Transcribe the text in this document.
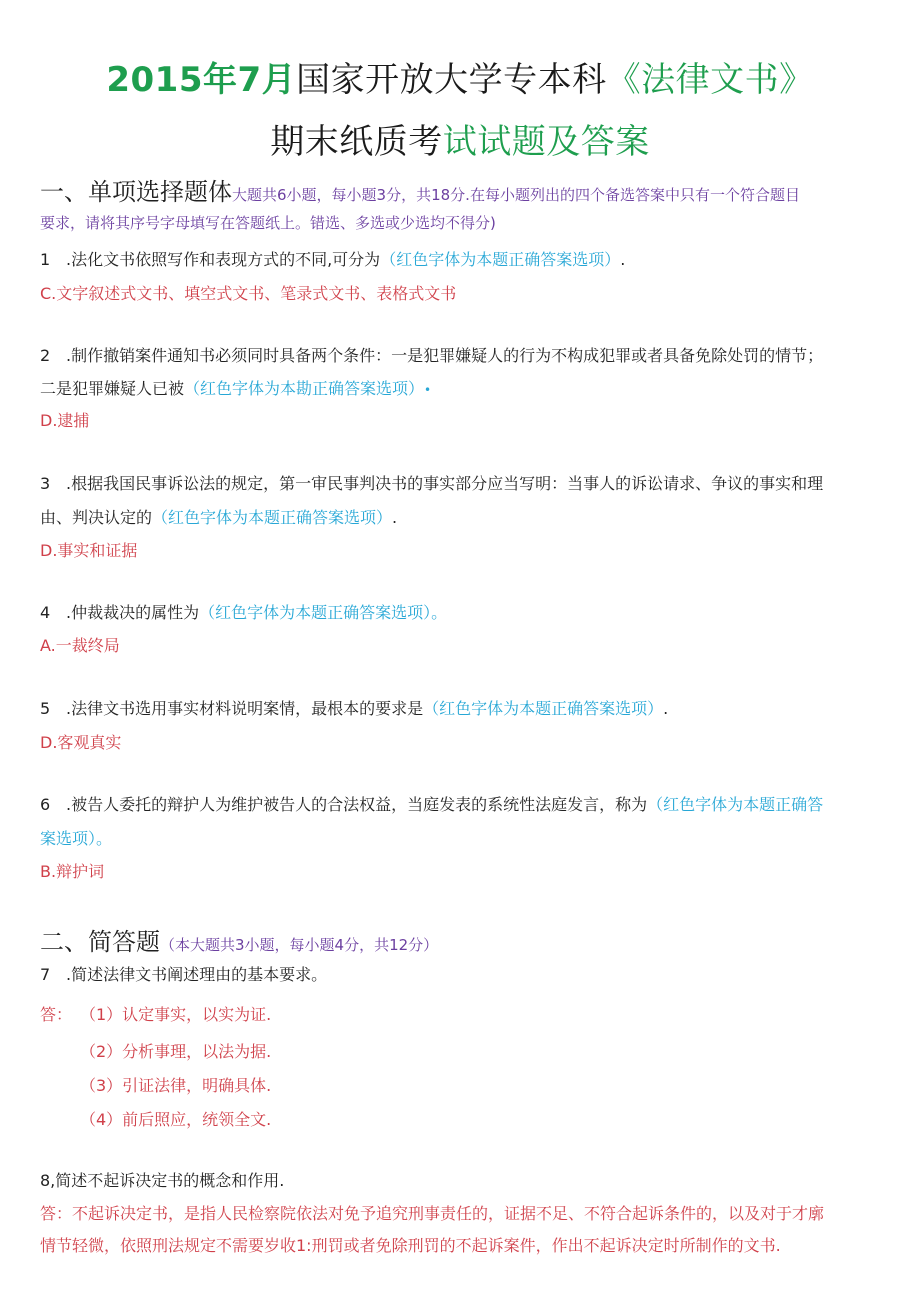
2015年7月国家开放大学专本科《法律文书》
期末纸质考试试题及答案
一、单项选择题体大题共6小题，每小题3分，共18分.在每小题列出的四个备选答案中只有一个符合题目
要求，请将其序号字母填写在答题纸上。错选、多选或少选均不得分)
1 .法化文书依照写作和表现方式的不同,可分为（红色字体为本题正确答案选项）.
C.文字叙述式文书、填空式文书、笔录式文书、表格式文书
2 .制作撤销案件通知书必须同时具备两个条件：一是犯罪嫌疑人的行为不构成犯罪或者具备免除处罚的情节；
二是犯罪嫌疑人已被（红色字体为本勘正确答案选项）•
D.逮捕
3 .根据我国民事诉讼法的规定，第一审民事判决书的事实部分应当写明：当事人的诉讼请求、争议的事实和理
由、判决认定的（红色字体为本题正确答案选项）.
D.事实和证据
4 .仲裁裁决的属性为（红色字体为本题正确答案选项）。
A.一裁终局
5 .法律文书选用事实材料说明案情，最根本的要求是（红色字体为本题正确答案选项）.
D.客观真实
6 .被告人委托的辩护人为维护被告人的合法权益，当庭发表的系统性法庭发言，称为（红色字体为本题正确答
案选项）。
B.辩护词
二、简答题（本大题共3小题，每小题4分，共12分）
7 .简述法律文书阐述理由的基本要求。
答： （1）认定事实，以实为证.
（2）分析事理，以法为据.
（3）引证法律，明确具体.
（4）前后照应，统领全文.
8,简述不起诉决定书的概念和作用.
答：不起诉决定书，是指人民检察院依法对免予追究刑事责任的，证据不足、不符合起诉条件的，以及对于才廓
情节轻微，依照刑法规定不需要岁收1:刑罚或者免除刑罚的不起诉案件，作出不起诉决定时所制作的文书.
